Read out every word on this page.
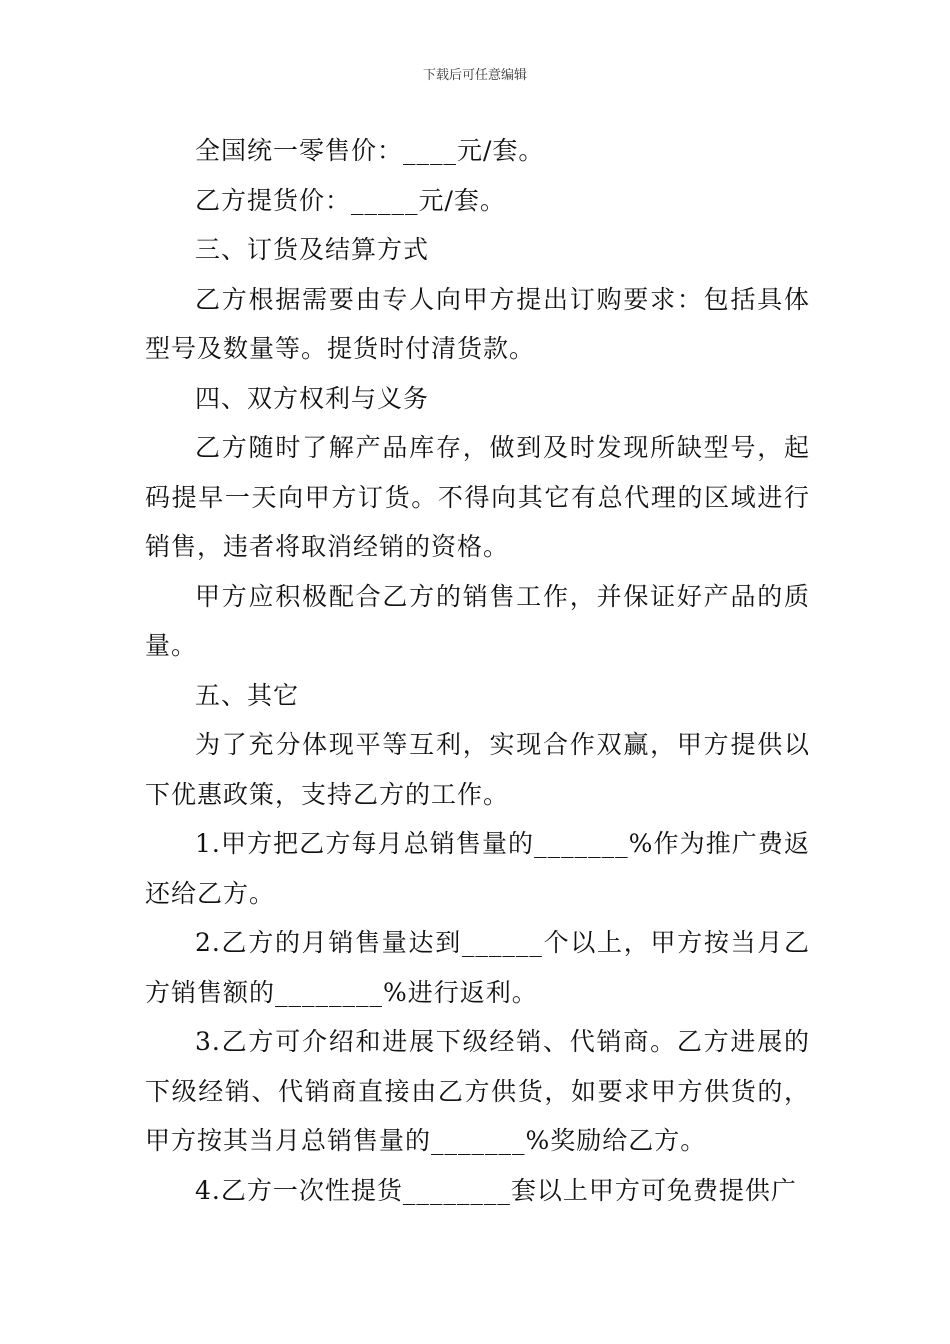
下载后可任意编辑

全国统一零售价：____元/套。

乙方提货价：_____元/套。

三、订货及结算方式

乙方根据需要由专人向甲方提出订购要求：包括具体型号及数量等。提货时付清货款。

四、双方权利与义务

乙方随时了解产品库存，做到及时发现所缺型号，起码提早一天向甲方订货。不得向其它有总代理的区域进行销售，违者将取消经销的资格。

甲方应积极配合乙方的销售工作，并保证好产品的质量。

五、其它

为了充分体现平等互利，实现合作双赢，甲方提供以下优惠政策，支持乙方的工作。

1.甲方把乙方每月总销售量的_______%作为推广费返还给乙方。

2.乙方的月销售量达到______个以上，甲方按当月乙方销售额的________%进行返利。

3.乙方可介绍和进展下级经销、代销商。乙方进展的下级经销、代销商直接由乙方供货，如要求甲方供货的，甲方按其当月总销售量的_______%奖励给乙方。

4.乙方一次性提货________套以上甲方可免费提供广
